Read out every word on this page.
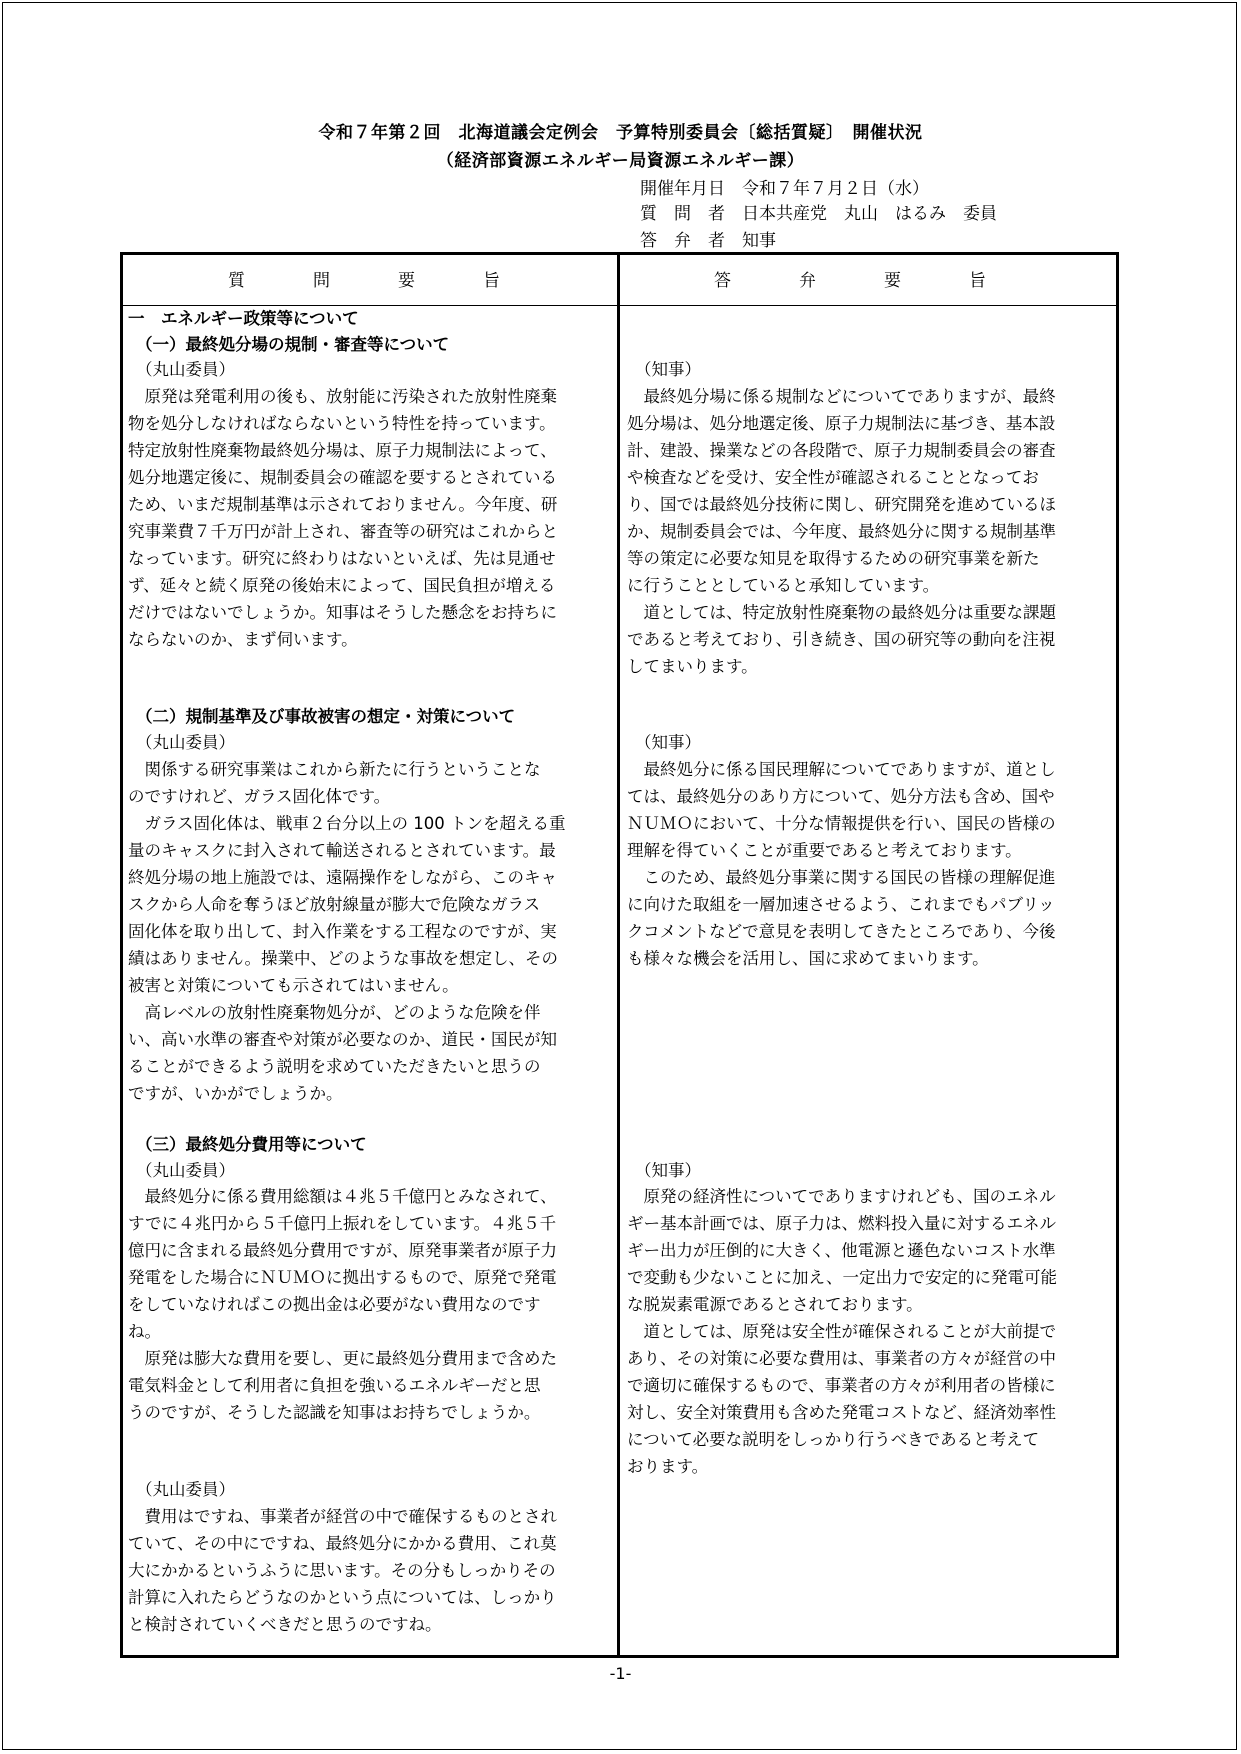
令和７年第２回　北海道議会定例会　予算特別委員会〔総括質疑〕　開催状況
（経済部資源エネルギー局資源エネルギー課）
開催年月日　令和７年７月２日（水）
質　問　者　日本共産党　丸山　はるみ　委員
答　弁　者　知事
質　　　　問　　　　要　　　　旨	答　　　　弁　　　　要　　　　旨
一　エネルギー政策等について
（一）最終処分場の規制・審査等について
（丸山委員）
　原発は発電利用の後も、放射能に汚染された放射性廃棄
物を処分しなければならないという特性を持っています。
特定放射性廃棄物最終処分場は、原子力規制法によって、
処分地選定後に、規制委員会の確認を要するとされている
ため、いまだ規制基準は示されておりません。今年度、研
究事業費７千万円が計上され、審査等の研究はこれからと
なっています。研究に終わりはないといえば、先は見通せ
ず、延々と続く原発の後始末によって、国民負担が増える
だけではないでしょうか。知事はそうした懸念をお持ちに
ならないのか、まず伺います。
（二）規制基準及び事故被害の想定・対策について
（丸山委員）
　関係する研究事業はこれから新たに行うということな
のですけれど、ガラス固化体です。
　ガラス固化体は、戦車２台分以上の 100 トンを超える重
量のキャスクに封入されて輸送されるとされています。最
終処分場の地上施設では、遠隔操作をしながら、このキャ
スクから人命を奪うほど放射線量が膨大で危険なガラス
固化体を取り出して、封入作業をする工程なのですが、実
績はありません。操業中、どのような事故を想定し、その
被害と対策についても示されてはいません。
　高レベルの放射性廃棄物処分が、どのような危険を伴
い、高い水準の審査や対策が必要なのか、道民・国民が知
ることができるよう説明を求めていただきたいと思うの
ですが、いかがでしょうか。
（三）最終処分費用等について
（丸山委員）
　最終処分に係る費用総額は４兆５千億円とみなされて、
すでに４兆円から５千億円上振れをしています。４兆５千
億円に含まれる最終処分費用ですが、原発事業者が原子力
発電をした場合にＮＵＭＯに拠出するもので、原発で発電
をしていなければこの拠出金は必要がない費用なのです
ね。
　原発は膨大な費用を要し、更に最終処分費用まで含めた
電気料金として利用者に負担を強いるエネルギーだと思
うのですが、そうした認識を知事はお持ちでしょうか。
（丸山委員）
　費用はですね、事業者が経営の中で確保するものとされ
ていて、その中にですね、最終処分にかかる費用、これ莫
大にかかるというふうに思います。その分もしっかりその
計算に入れたらどうなのかという点については、しっかり
と検討されていくべきだと思うのですね。
（知事）
　最終処分場に係る規制などについてでありますが、最終
処分場は、処分地選定後、原子力規制法に基づき、基本設
計、建設、操業などの各段階で、原子力規制委員会の審査
や検査などを受け、安全性が確認されることとなってお
り、国では最終処分技術に関し、研究開発を進めているほ
か、規制委員会では、今年度、最終処分に関する規制基準
等の策定に必要な知見を取得するための研究事業を新た
に行うこととしていると承知しています。
　道としては、特定放射性廃棄物の最終処分は重要な課題
であると考えており、引き続き、国の研究等の動向を注視
してまいります。
（知事）
　最終処分に係る国民理解についてでありますが、道とし
ては、最終処分のあり方について、処分方法も含め、国や
ＮＵＭＯにおいて、十分な情報提供を行い、国民の皆様の
理解を得ていくことが重要であると考えております。
　このため、最終処分事業に関する国民の皆様の理解促進
に向けた取組を一層加速させるよう、これまでもパブリッ
クコメントなどで意見を表明してきたところであり、今後
も様々な機会を活用し、国に求めてまいります。
（知事）
　原発の経済性についてでありますけれども、国のエネル
ギー基本計画では、原子力は、燃料投入量に対するエネル
ギー出力が圧倒的に大きく、他電源と遜色ないコスト水準
で変動も少ないことに加え、一定出力で安定的に発電可能
な脱炭素電源であるとされております。
　道としては、原発は安全性が確保されることが大前提で
あり、その対策に必要な費用は、事業者の方々が経営の中
で適切に確保するもので、事業者の方々が利用者の皆様に
対し、安全対策費用も含めた発電コストなど、経済効率性
について必要な説明をしっかり行うべきであると考えて
おります。
-1-
